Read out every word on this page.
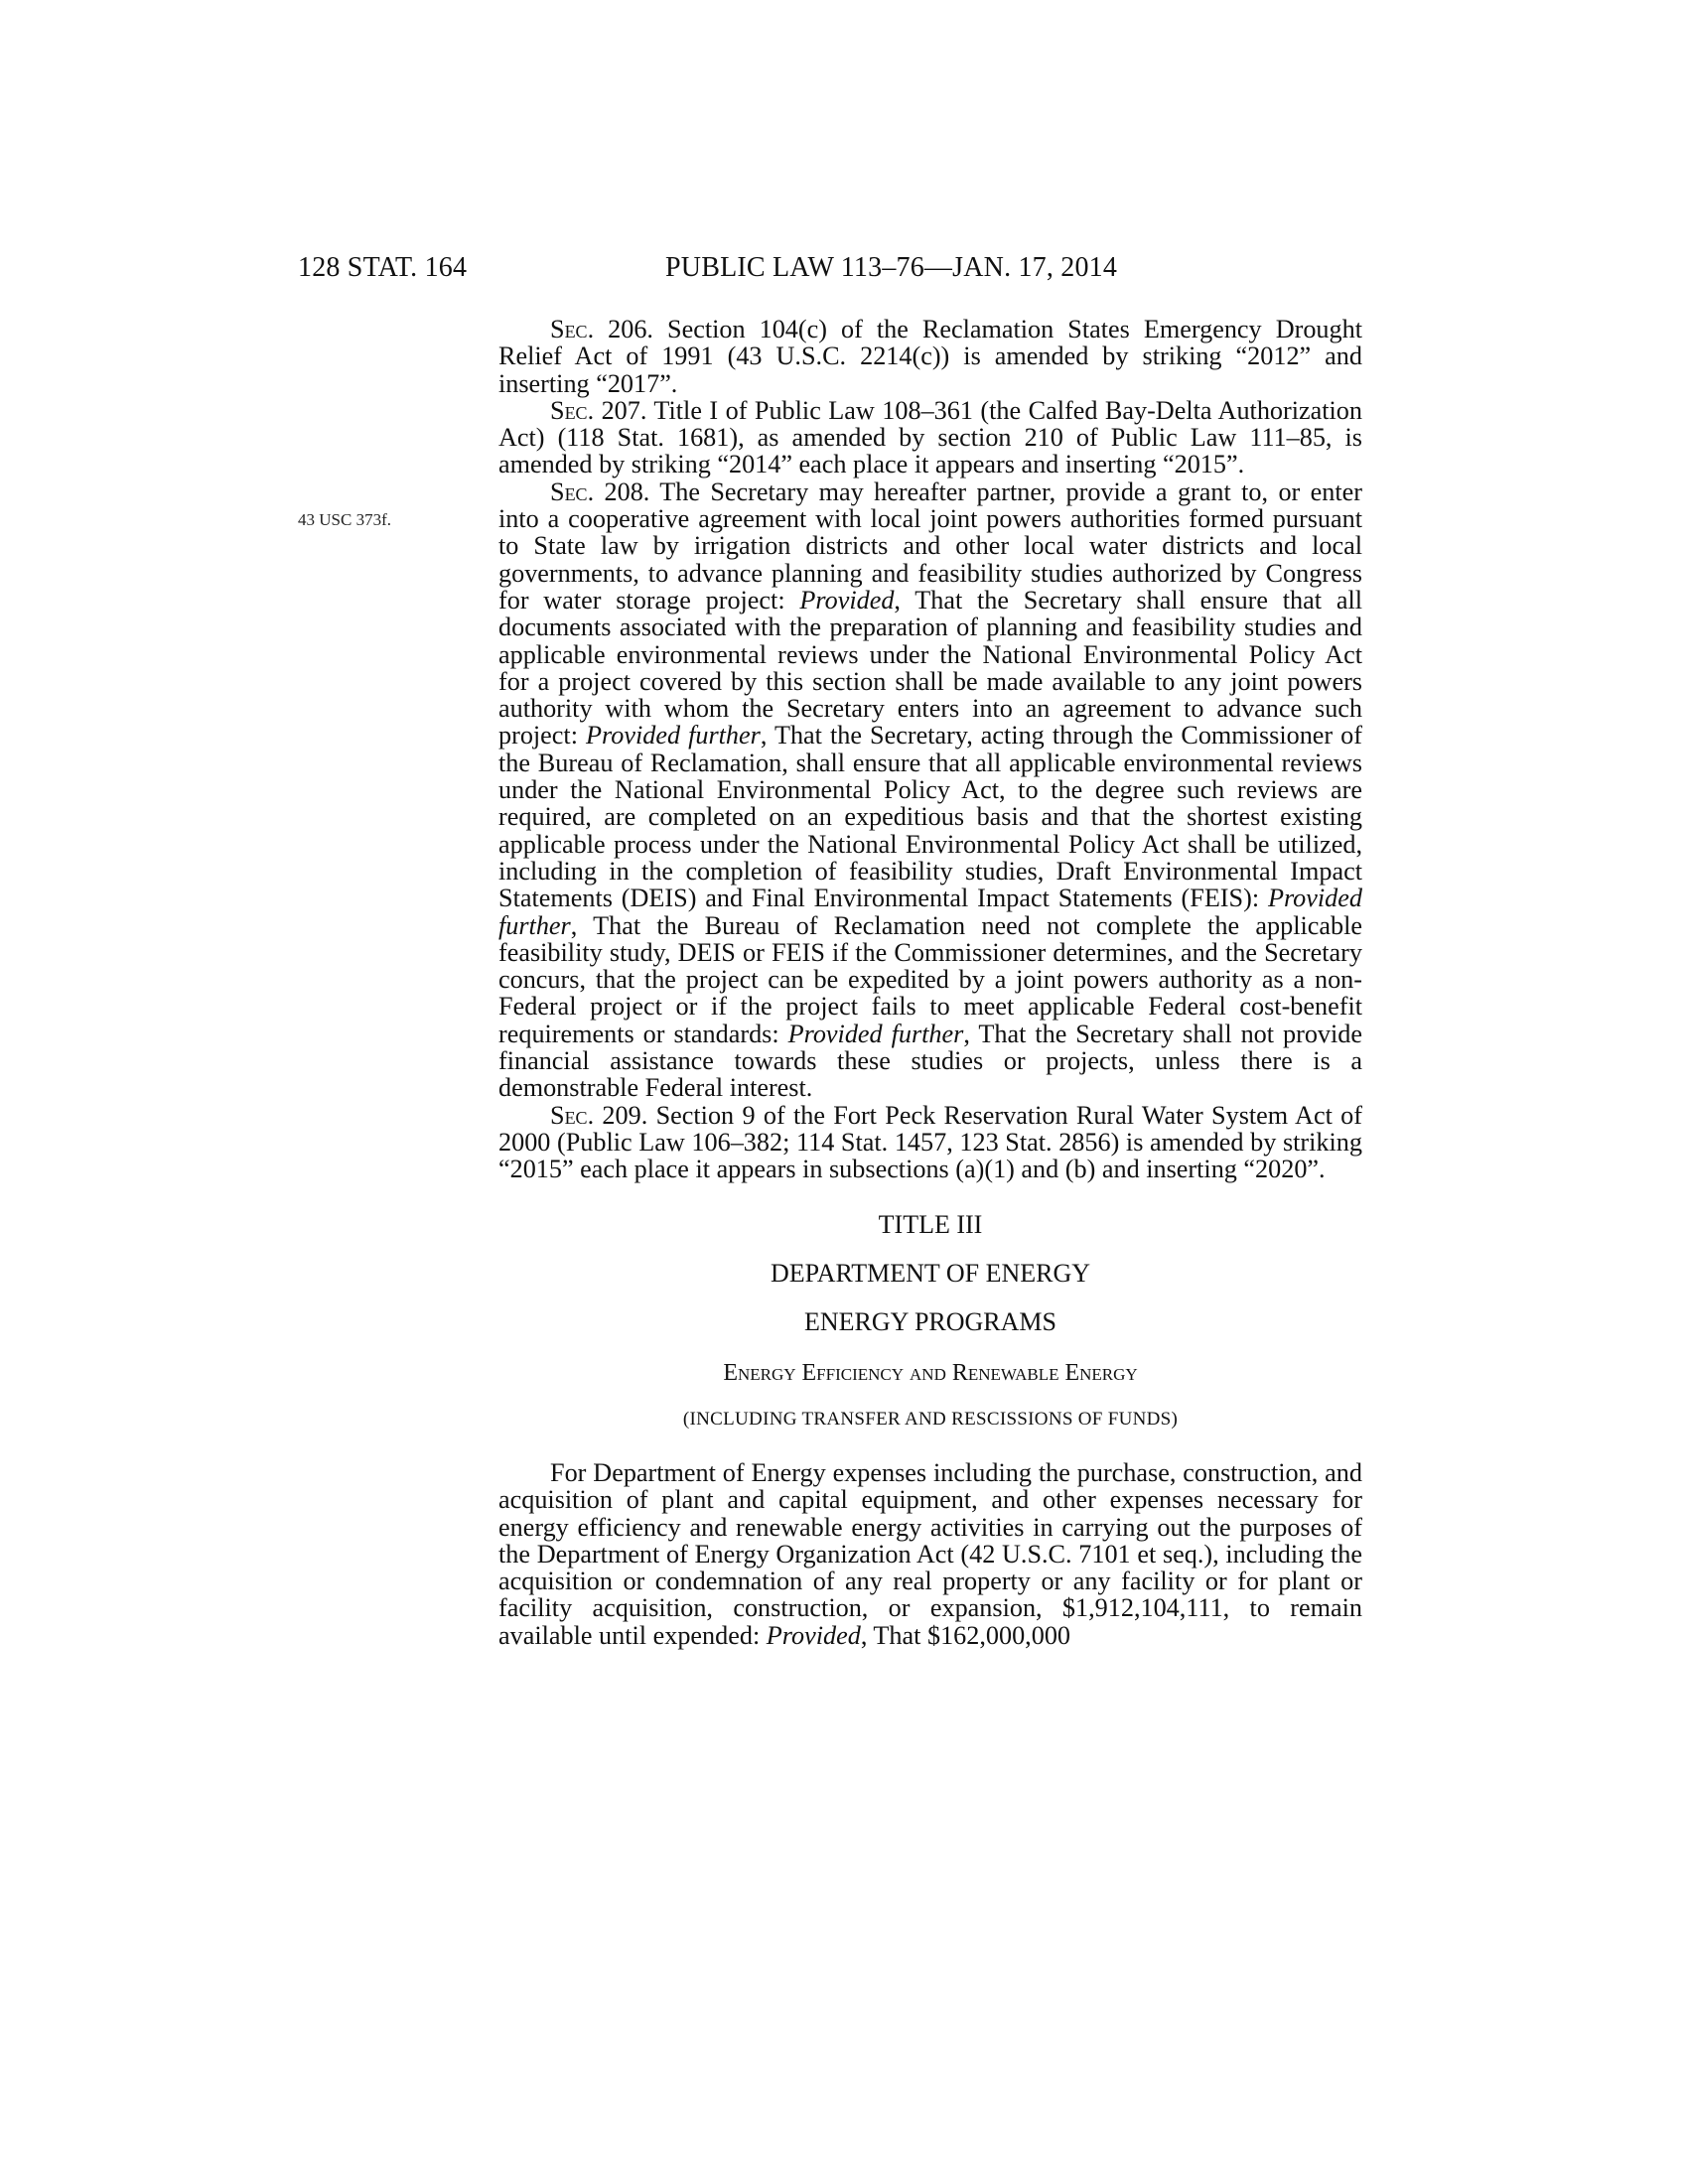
128 STAT. 164	PUBLIC LAW 113–76—JAN. 17, 2014
43 USC 373f.

Sec. 206. Section 104(c) of the Reclamation States Emergency Drought Relief Act of 1991 (43 U.S.C. 2214(c)) is amended by striking “2012” and inserting “2017”.

Sec. 207. Title I of Public Law 108–361 (the Calfed Bay-Delta Authorization Act) (118 Stat. 1681), as amended by section 210 of Public Law 111–85, is amended by striking “2014” each place it appears and inserting “2015”.

Sec. 208. The Secretary may hereafter partner, provide a grant to, or enter into a cooperative agreement with local joint powers authorities formed pursuant to State law by irrigation districts and other local water districts and local governments, to advance planning and feasibility studies authorized by Congress for water storage project: Provided, That the Secretary shall ensure that all documents associated with the preparation of planning and feasibility studies and applicable environmental reviews under the National Environmental Policy Act for a project covered by this section shall be made available to any joint powers authority with whom the Secretary enters into an agreement to advance such project: Provided further, That the Secretary, acting through the Commissioner of the Bureau of Reclamation, shall ensure that all applicable environmental reviews under the National Environmental Policy Act, to the degree such reviews are required, are completed on an expeditious basis and that the shortest existing applicable process under the National Environmental Policy Act shall be utilized, including in the completion of feasibility studies, Draft Environmental Impact Statements (DEIS) and Final Environmental Impact Statements (FEIS): Provided further, That the Bureau of Reclamation need not complete the applicable feasibility study, DEIS or FEIS if the Commissioner determines, and the Secretary concurs, that the project can be expedited by a joint powers authority as a non-Federal project or if the project fails to meet applicable Federal cost-benefit requirements or standards: Provided further, That the Secretary shall not provide financial assistance towards these studies or projects, unless there is a demonstrable Federal interest.

Sec. 209. Section 9 of the Fort Peck Reservation Rural Water System Act of 2000 (Public Law 106–382; 114 Stat. 1457, 123 Stat. 2856) is amended by striking “2015” each place it appears in subsections (a)(1) and (b) and inserting “2020”.

TITLE III

DEPARTMENT OF ENERGY

ENERGY PROGRAMS

Energy Efficiency and Renewable Energy

(INCLUDING TRANSFER AND RESCISSIONS OF FUNDS)

For Department of Energy expenses including the purchase, construction, and acquisition of plant and capital equipment, and other expenses necessary for energy efficiency and renewable energy activities in carrying out the purposes of the Department of Energy Organization Act (42 U.S.C. 7101 et seq.), including the acquisition or condemnation of any real property or any facility or for plant or facility acquisition, construction, or expansion, $1,912,104,111, to remain available until expended: Provided, That $162,000,000
